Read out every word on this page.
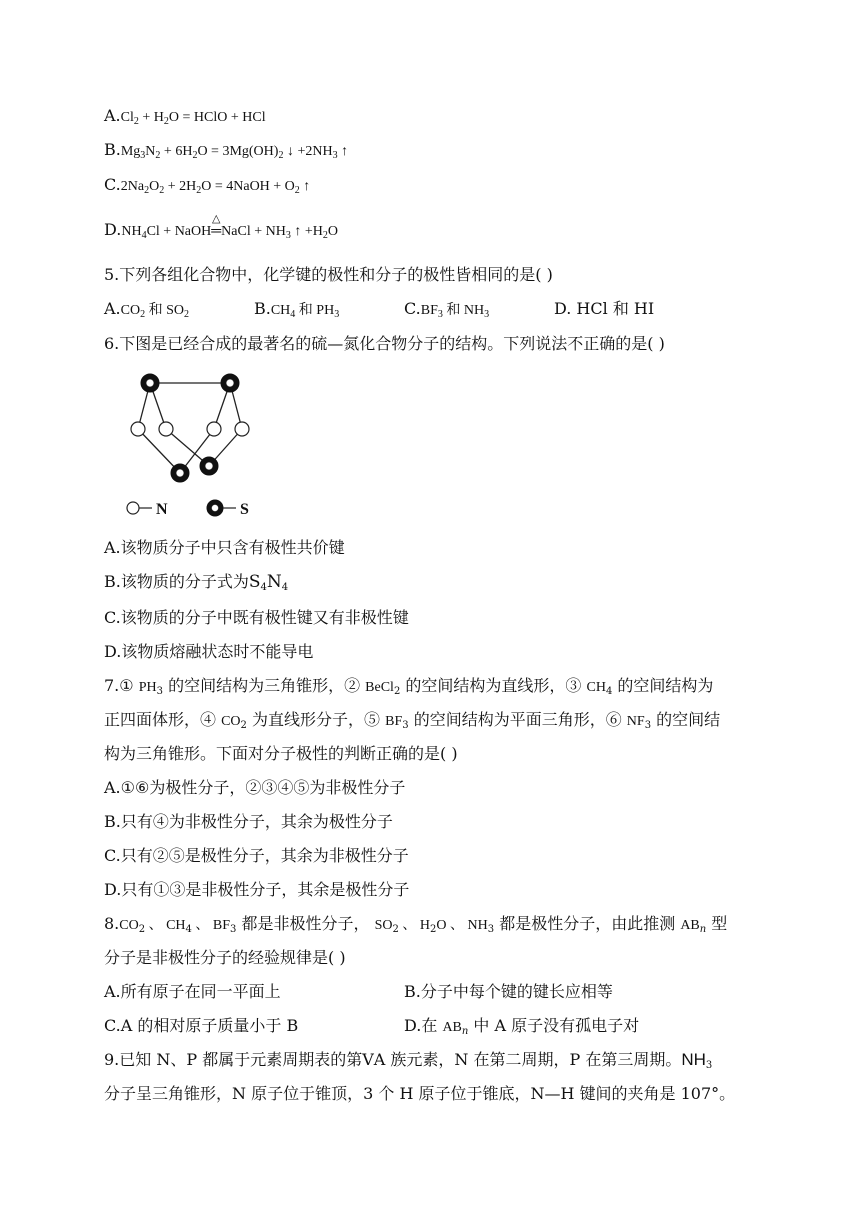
$A.Cl_2 + H_2O$ = HClO + HCl
$B.Mg_3N_2 + 6H_2O = 3Mg(OH)_2$ ↓ $+2NH_3$ ↑
$C.2Na_2O_2 + 2H_2O$ = 4NaOH + $O_2$ ↑
$D.NH_4Cl$ + NaOH
△
═NaCl + $NH_3$ ↑ $+H_2O$
5.下列各组化合物中，化学键的极性和分子的极性皆相同的是( )
$A.CO_2$ 和 $SO_2$	$B.CH_4$ 和 $PH_3$	$C.BF_3$ 和 $NH_3$	D. HCl 和 HI
6.下图是已经合成的最著名的硫—氮化合物分子的结构。下列说法不正确的是( )
N	S
A.该物质分子中只含有极性共价键
B.该物质的分子式为$S_4N_4$
C.该物质的分子中既有极性键又有非极性键
D.该物质熔融状态时不能导电
7.① $PH_3$ 的空间结构为三角锥形，② BeCl$_2$ 的空间结构为直线形，③ $CH_4$ 的空间结构为
正四面体形，④ $CO_2$ 为直线形分子，⑤ $BF_3$ 的空间结构为平面三角形，⑥ $NF_3$ 的空间结
构为三角锥形。下面对分子极性的判断正确的是( )
A.①⑥为极性分子，②③④⑤为非极性分子
B.只有④为非极性分子，其余为极性分子
C.只有②⑤是极性分子，其余为非极性分子
D.只有①③是非极性分子，其余是极性分子
$8.CO_2$ 、 $CH_4$ 、 $BF_3$ 都是非极性分子， $SO_2$ 、 $H_2O$ 、 $NH_3$ 都是极性分子，由此推测 $AB_n$ 型
分子是非极性分子的经验规律是( )
A.所有原子在同一平面上	B.分子中每个键的键长应相等
C.A 的相对原子质量小于 B	D.在 $AB_n$ 中 A 原子没有孤电子对
9.已知 N、P 都属于元素周期表的第ⅤA 族元素，N 在第二周期，P 在第三周期。$NH_3$
分子呈三角锥形，N 原子位于锥顶，3 个 H 原子位于锥底，N—H 键间的夹角是 107°。
